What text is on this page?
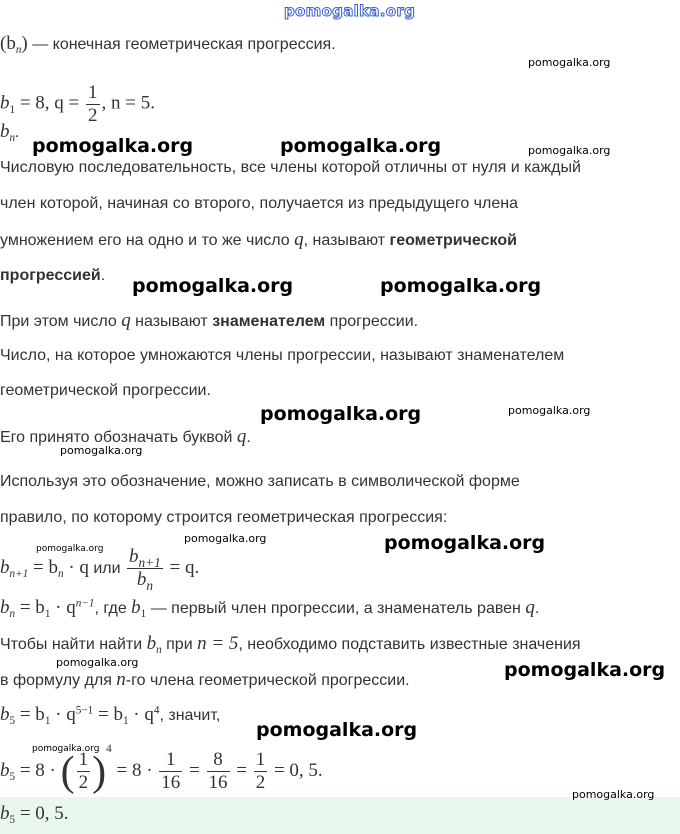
pomogalka.org
$(b_n)$ — конечная геометрическая прогрессия.
$b_1 = 8$, $q = \frac{1}{2}$ , n = 5.
$b_n$.
Числовую последовательность, все члены которой отличны от нуля и каждый
член которой, начиная со второго, получается из предыдущего члена
умножением его на одно и то же число q, называют геометрической
прогрессией.
При этом число q называют знаменателем прогрессии.
Число, на которое умножаются члены прогрессии, называют знаменателем
геометрической прогрессии.
Его принято обозначать буквой q.
Используя это обозначение, можно записать в символической форме
правило, по которому строится геометрическая прогрессия:
$b_{n+1} = b_n \cdot q$ или $\frac{b_{n+1}}{b_n} = q$.
$b_n = b_1 \cdot q^{n-1}$, где $b_1$ — первый член прогрессии, а знаменатель равен q.
Чтобы найти найти $b_n$ при n = 5, необходимо подставить известные значения
в формулу для n-го члена геометрической прогрессии.
$b_5 = b_1 \cdot q^{5-1} = b_1 \cdot q^4$, значит,
$b_5 = 8$ · ( $\frac{1}{2} )^4 = 8 \cdot \frac{1}{16} = \frac{8}{16} = \frac{1}{2} = 0$, 5.
$b_5 = 0$, 5.
pomogalka.org
pomogalka.org	pomogalka.org	pomogalka.org
pomogalka.org	pomogalka.org
pomogalka.org	pomogalka.org
pomogalka.org
pomogalka.org
pomogalka.org	pomogalka.org
pomogalka.org	pomogalka.org
pomogalka.org
pomogalka.org
pomogalka.org
